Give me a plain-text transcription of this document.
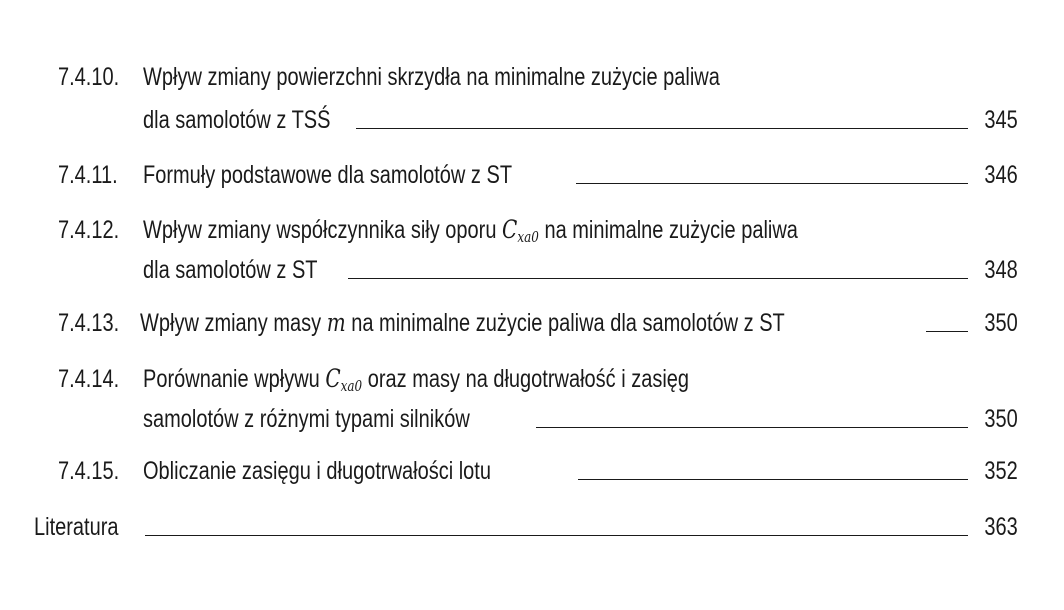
7.4.10. Wpływ zmiany powierzchni skrzydła na minimalne zużycie paliwa
dla samolotów z TSŚ	345
7.4.11. Formuły podstawowe dla samolotów z ST	346
7.4.12. Wpływ zmiany współczynnika siły oporu $C_{xa0}$ na minimalne zużycie paliwa
dla samolotów z ST	348
7.4.13. Wpływ zmiany masy m na minimalne zużycie paliwa dla samolotów z ST	350
7.4.14. Porównanie wpływu $C_{xa0}$ oraz masy na długotrwałość i zasięg
samolotów z różnymi typami silników	350
7.4.15. Obliczanie zasięgu i długotrwałości lotu	352
Literatura	363
